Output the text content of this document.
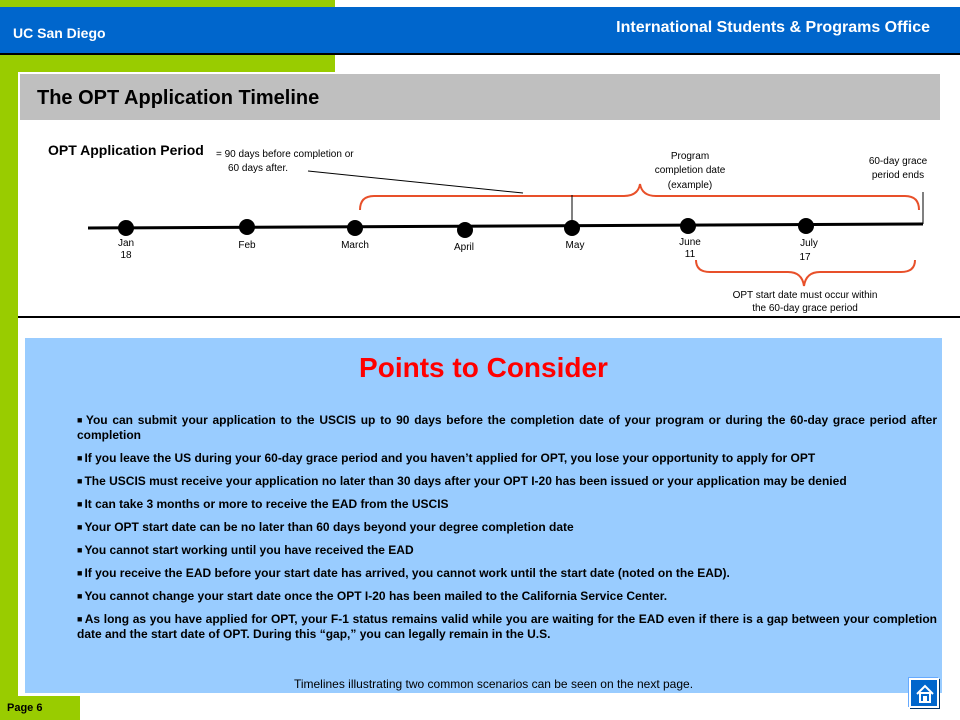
UC San Diego	International Students & Programs Office
The OPT Application Timeline
OPT Application Period = 90 days before completion or
60 days after.
Program
completion date
(example)
60-day grace
period ends
Jan
18
Feb	March	April	May	June
11
July
17
OPT start date must occur within
the 60-day grace period
Points to Consider
■ You can submit your application to the USCIS up to 90 days before the completion date of your program or during the 60-day grace period after completion
■ If you leave the US during your 60-day grace period and you haven’t applied for OPT, you lose your opportunity to apply for OPT
■ The USCIS must receive your application no later than 30 days after your OPT I-20 has been issued or your application may be denied
■ It can take 3 months or more to receive the EAD from the USCIS
■ Your OPT start date can be no later than 60 days beyond your degree completion date
■ You cannot start working until you have received the EAD
■ If you receive the EAD before your start date has arrived, you cannot work until the start date (noted on the EAD).
■ You cannot change your start date once the OPT I-20 has been mailed to the California Service Center.
■ As long as you have applied for OPT, your F-1 status remains valid while you are waiting for the EAD even if there is a gap between your completion date and the start date of OPT. During this “gap,” you can legally remain in the U.S.
Timelines illustrating two common scenarios can be seen on the next page.
Page 6
